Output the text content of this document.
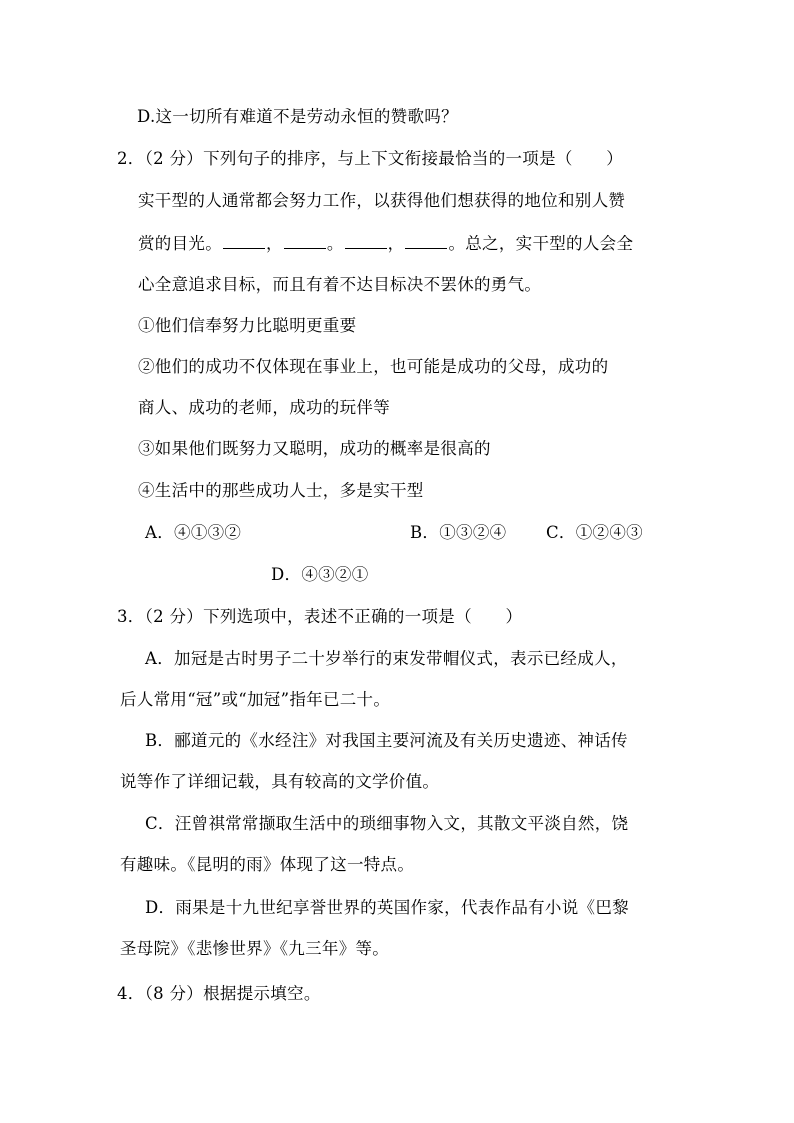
D.这一切所有难道不是劳动永恒的赞歌吗？
2．（2 分）下列句子的排序，与上下文衔接最恰当的一项是（　　）
实干型的人通常都会努力工作，以获得他们想获得的地位和别人赞
赏的目光。	，	。	，	。总之，实干型的人会全
心全意追求目标，而且有着不达目标决不罢休的勇气。
①他们信奉努力比聪明更重要
②他们的成功不仅体现在事业上，也可能是成功的父母，成功的
商人、成功的老师，成功的玩伴等
③如果他们既努力又聪明，成功的概率是很高的
④生活中的那些成功人士，多是实干型
A．④①③②	B．①③②④ C．①②④③
D．④③②①
3．（2 分）下列选项中，表述不正确的一项是（　　）
A．加冠是古时男子二十岁举行的束发带帽仪式，表示已经成人，
后人常用“冠”或“加冠”指年已二十。
B．郦道元的《水经注》对我国主要河流及有关历史遗迹、神话传
说等作了详细记载，具有较高的文学价值。
C．汪曾祺常常撷取生活中的琐细事物入文，其散文平淡自然，饶
有趣味。《昆明的雨》体现了这一特点。
D．雨果是十九世纪享誉世界的英国作家，代表作品有小说《巴黎
圣母院》《悲惨世界》《九三年》等。
4．（8 分）根据提示填空。
